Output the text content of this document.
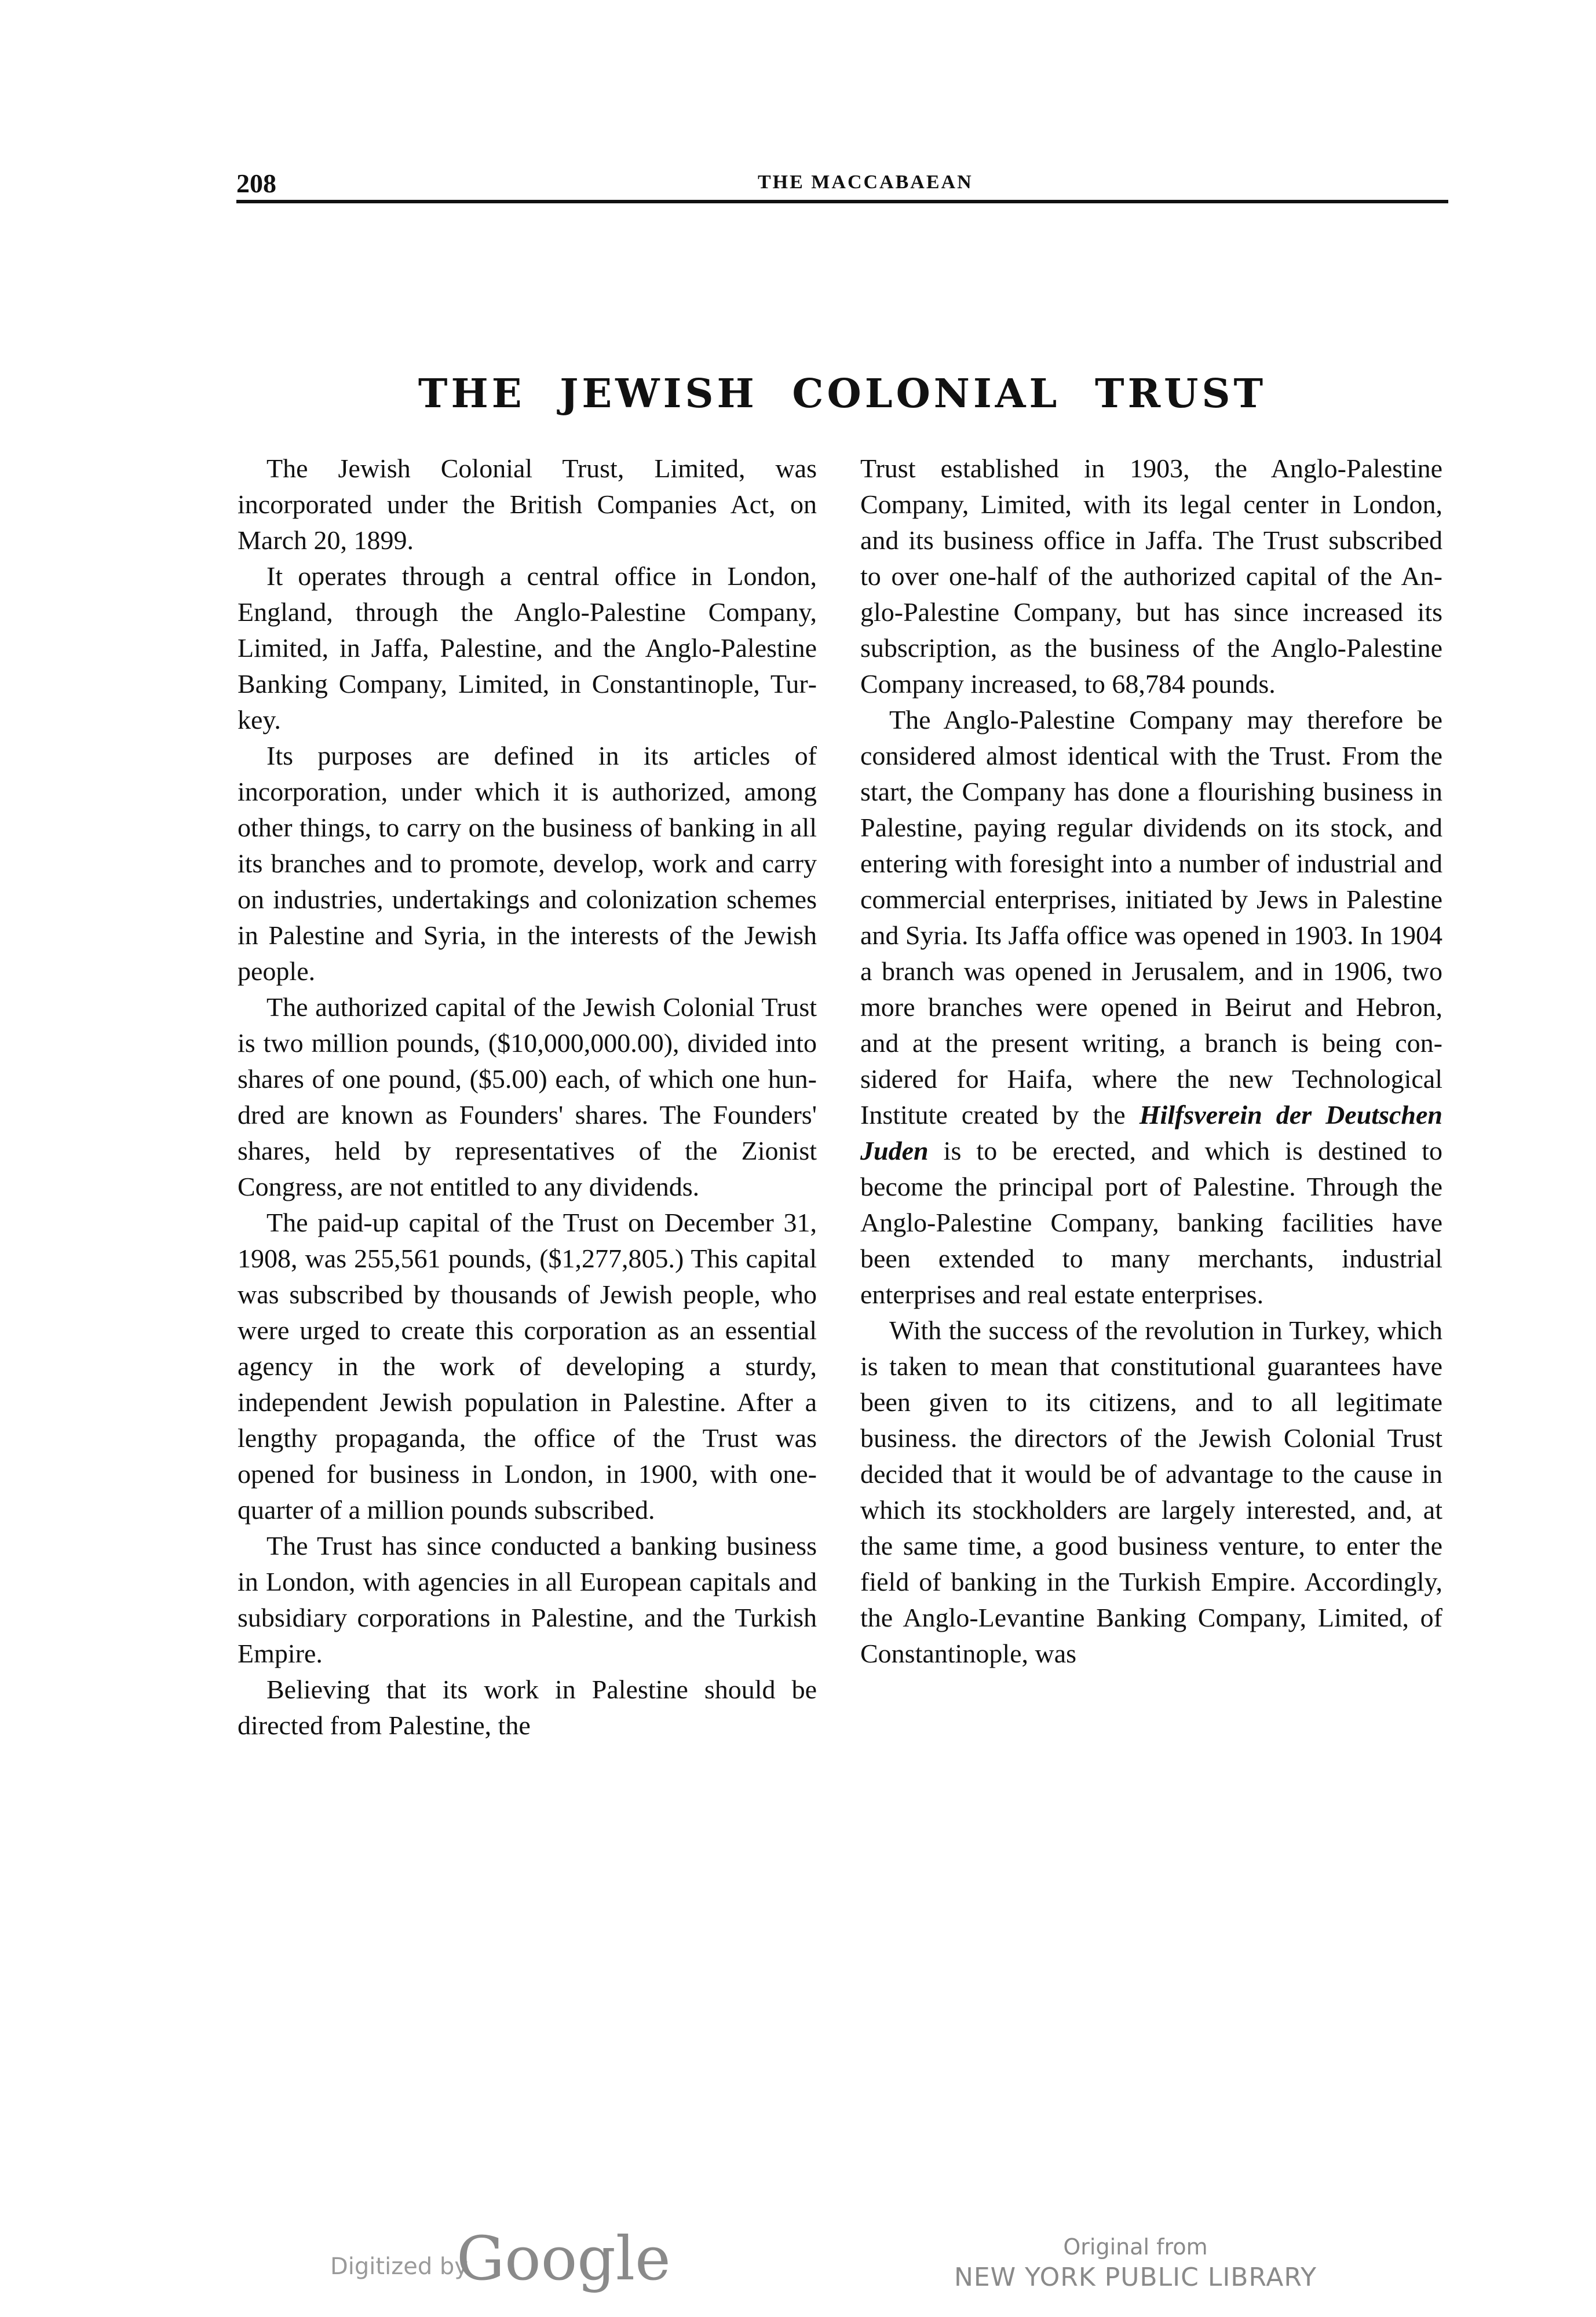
208	THE MACCABAEAN
THE JEWISH COLONIAL TRUST

The Jewish Colonial Trust, Limited, was incorporated under the British Companies Act, on March 20, 1899.

It operates through a central office in London, England, through the Anglo-Palestine Company, Limited, in Jaffa, Palestine, and the Anglo-Palestine Banking Company, Limited, in Constantinople, Turkey.

Its purposes are defined in its articles of incorporation, under which it is authorized, among other things, to carry on the business of banking in all its branches and to promote, develop, work and carry on industries, undertakings and colonization schemes in Palestine and Syria, in the interests of the Jewish people.

The authorized capital of the Jewish Colonial Trust is two million pounds, ($10,000,000.00), divided into shares of one pound, ($5.00) each, of which one hundred are known as Founders' shares. The Founders' shares, held by representatives of the Zionist Congress, are not entitled to any dividends.

The paid-up capital of the Trust on December 31, 1908, was 255,561 pounds, ($1,277,805.) This capital was subscribed by thousands of Jewish people, who were urged to create this corporation as an essential agency in the work of developing a sturdy, independent Jewish population in Palestine. After a lengthy propaganda, the office of the Trust was opened for business in London, in 1900, with one-quarter of a million pounds subscribed.

The Trust has since conducted a banking business in London, with agencies in all European capitals and subsidiary corporations in Palestine, and the Turkish Empire.

Believing that its work in Palestine should be directed from Palestine, the

Trust established in 1903, the Anglo-Palestine Company, Limited, with its legal center in London, and its business office in Jaffa. The Trust subscribed to over one-half of the authorized capital of the Anglo-Palestine Company, but has since increased its subscription, as the business of the Anglo-Palestine Company increased, to 68,784 pounds.

The Anglo-Palestine Company may therefore be considered almost identical with the Trust. From the start, the Company has done a flourishing business in Palestine, paying regular dividends on its stock, and entering with foresight into a number of industrial and commercial enterprises, initiated by Jews in Palestine and Syria. Its Jaffa office was opened in 1903. In 1904 a branch was opened in Jerusalem, and in 1906, two more branches were opened in Beirut and Hebron, and at the present writing, a branch is being considered for Haifa, where the new Technological Institute created by the Hilfsverein der Deutschen Juden is to be erected, and which is destined to become the principal port of Palestine. Through the Anglo-Palestine Company, banking facilities have been extended to many merchants, industrial enterprises and real estate enterprises.

With the success of the revolution in Turkey, which is taken to mean that constitutional guarantees have been given to its citizens, and to all legitimate business. the directors of the Jewish Colonial Trust decided that it would be of advantage to the cause in which its stockholders are largely interested, and, at the same time, a good business venture, to enter the field of banking in the Turkish Empire. Accordingly, the Anglo-Levantine Banking Company, Limited, of Constantinople, was

Digitized by
Google	Original from
NEW YORK PUBLIC LIBRARY
